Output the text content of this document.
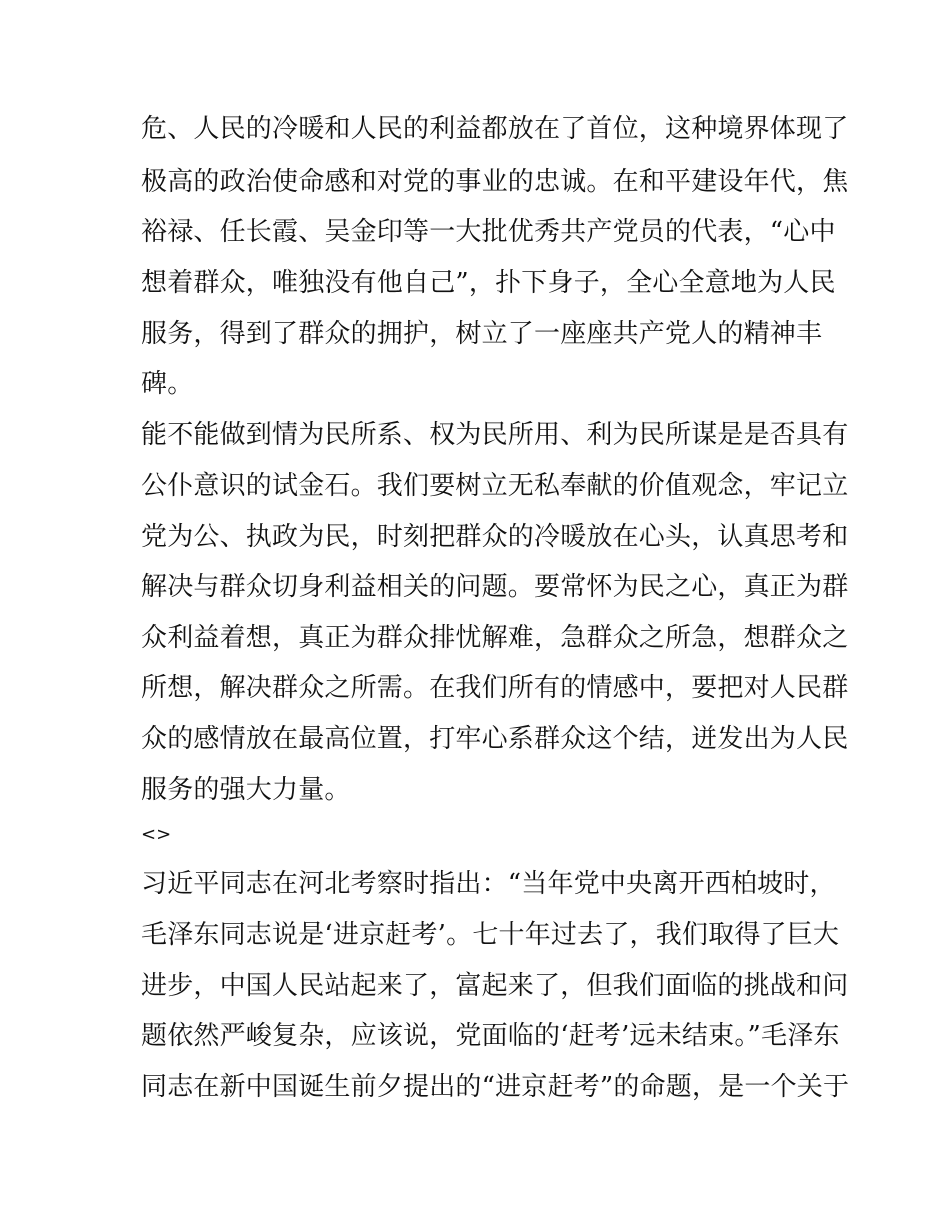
危、人民的冷暖和人民的利益都放在了首位，这种境界体现了
极高的政治使命感和对党的事业的忠诚。在和平建设年代，焦
裕禄、任长霞、吴金印等一大批优秀共产党员的代表，“心中
想着群众，唯独没有他自己”，扑下身子，全心全意地为人民
服务，得到了群众的拥护，树立了一座座共产党人的精神丰
碑。
能不能做到情为民所系、权为民所用、利为民所谋是是否具有
公仆意识的试金石。我们要树立无私奉献的价值观念，牢记立
党为公、执政为民，时刻把群众的冷暖放在心头，认真思考和
解决与群众切身利益相关的问题。要常怀为民之心，真正为群
众利益着想，真正为群众排忧解难，急群众之所急，想群众之
所想，解决群众之所需。在我们所有的情感中，要把对人民群
众的感情放在最高位置，打牢心系群众这个结，迸发出为人民
服务的强大力量。
<>
习近平同志在河北考察时指出：“当年党中央离开西柏坡时，
毛泽东同志说是‘进京赶考’。七十年过去了，我们取得了巨大
进步，中国人民站起来了，富起来了，但我们面临的挑战和问
题依然严峻复杂，应该说，党面临的‘赶考’远未结束。”毛泽东
同志在新中国诞生前夕提出的“进京赶考”的命题，是一个关于
